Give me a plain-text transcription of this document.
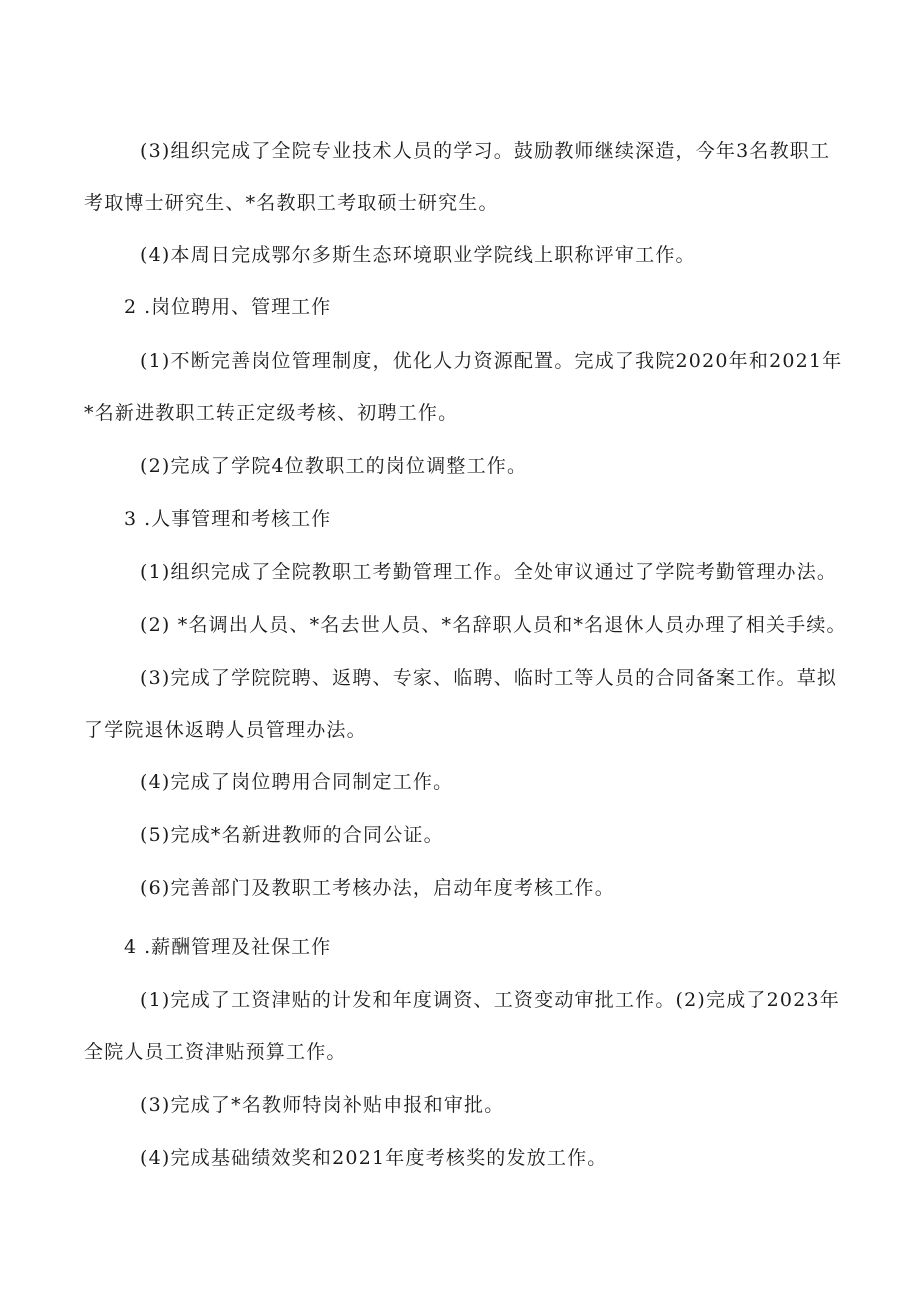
(3)组织完成了全院专业技术人员的学习。鼓励教师继续深造，今年3名教职工
考取博士研究生、*名教职工考取硕士研究生。
(4)本周日完成鄂尔多斯生态环境职业学院线上职称评审工作。
2 .岗位聘用、管理工作
(1)不断完善岗位管理制度，优化人力资源配置。完成了我院2020年和2021年
*名新进教职工转正定级考核、初聘工作。
(2)完成了学院4位教职工的岗位调整工作。
3 .人事管理和考核工作
(1)组织完成了全院教职工考勤管理工作。全处审议通过了学院考勤管理办法。
(2) *名调出人员、*名去世人员、*名辞职人员和*名退休人员办理了相关手续。
(3)完成了学院院聘、返聘、专家、临聘、临时工等人员的合同备案工作。草拟
了学院退休返聘人员管理办法。
(4)完成了岗位聘用合同制定工作。
(5)完成*名新进教师的合同公证。
(6)完善部门及教职工考核办法，启动年度考核工作。
4 .薪酬管理及社保工作
(1)完成了工资津贴的计发和年度调资、工资变动审批工作。(2)完成了2023年
全院人员工资津贴预算工作。
(3)完成了*名教师特岗补贴申报和审批。
(4)完成基础绩效奖和2021年度考核奖的发放工作。
